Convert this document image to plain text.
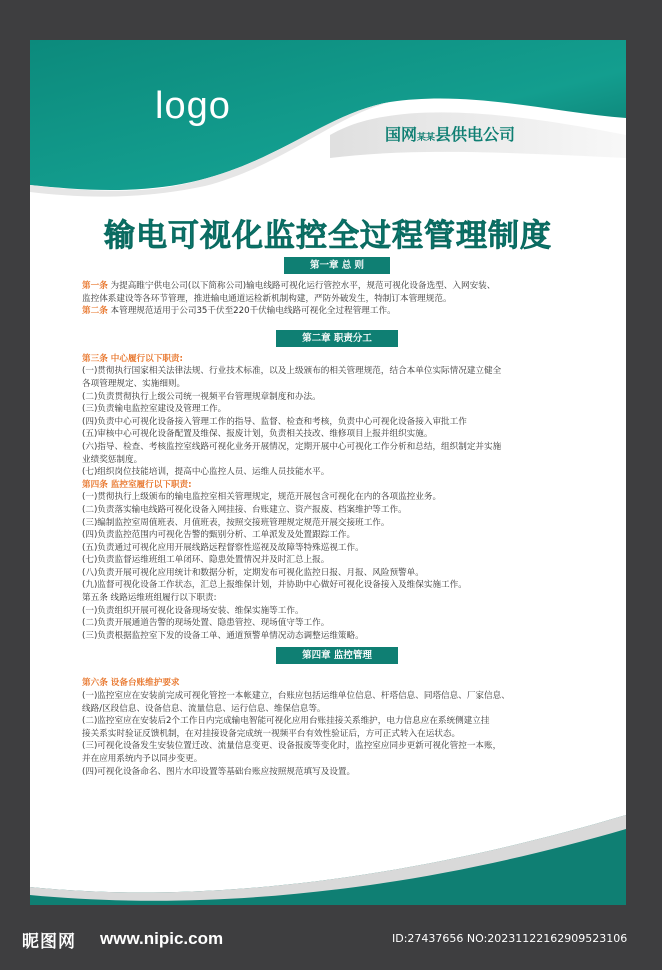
logo
国网某某县供电公司
输电可视化监控全过程管理制度
第一章 总 则

第一条 为提高睢宁供电公司(以下简称公司)输电线路可视化运行管控水平，规范可视化设备选型、入网安装、

监控体系建设等各环节管理，推进输电通道运检新机制构建，严防外破发生，特制订本管理规范。

第二条 本管理规范适用于公司35千伏至220千伏输电线路可视化全过程管理工作。

第二章 职责分工

第三条 中心履行以下职责:

(一)贯彻执行国家相关法律法规、行业技术标准，以及上级颁布的相关管理规范，结合本单位实际情况建立健全

各项管理规定、实施细则。

(二)负责贯彻执行上级公司统一视频平台管理规章制度和办法。

(三)负责输电监控室建设及管理工作。

(四)负责中心可视化设备接入管理工作的指导、监督、检查和考核，负责中心可视化设备接入审批工作

(五)审核中心可视化设备配置及维保、报废计划，负责相关技改、维修项目上报并组织实施。

(六)指导、检查、考核监控室线路可视化业务开展情况，定期开展中心可视化工作分析和总结，组织制定并实施

业绩奖惩制度。

(七)组织岗位技能培训，提高中心监控人员、运维人员技能水平。

第四条 监控室履行以下职责:

(一)贯彻执行上级颁布的输电监控室相关管理规定，规范开展包含可视化在内的各项监控业务。

(二)负责落实输电线路可视化设备入网挂接、台账建立、资产报废、档案维护等工作。

(三)编制监控室周值班表、月值班表，按照交接班管理规定规范开展交接班工作。

(四)负责监控范围内可视化告警的甄别分析、工单派发及处置跟踪工作。

(五)负责通过可视化应用开展线路远程督察性巡视及故障等特殊巡视工作。

(七)负责监督运维班组工单闭环、隐患处置情况并及时汇总上报。

(八)负责开展可视化应用统计和数据分析，定期发布可视化监控日报、月报、风险预警单。

(九)监督可视化设备工作状态，汇总上报维保计划，并协助中心做好可视化设备接入及维保实施工作。

第五条 线路运维班组履行以下职责:

(一)负责组织开展可视化设备现场安装、维保实施等工作。

(二)负责开展通道告警的现场处置、隐患管控、现场值守等工作。

(三)负责根据监控室下发的设备工单、通道预警单情况动态调整运维策略。

第四章 监控管理

第六条 设备台账维护要求

(一)监控室应在安装前完成可视化管控一本帐建立，台账应包括运维单位信息、杆塔信息、同塔信息、厂家信息、

线路/区段信息、设备信息、流量信息、运行信息、维保信息等。

(二)监控室应在安装后2个工作日内完成输电智能可视化应用台账挂接关系维护，电力信息应在系统侧建立挂

接关系实时验证反馈机制，在对挂接设备完成统一视频平台有效性验证后，方可正式转入在运状态。

(三)可视化设备发生安装位置迁改、流量信息变更、设备报废等变化时，监控室应同步更新可视化管控一本账，

并在应用系统内予以同步变更。

(四)可视化设备命名、图片水印设置等基础台账应按照规范填写及设置。

昵图网 www.nipic.com	ID:27437656 NO:20231122162909523106
